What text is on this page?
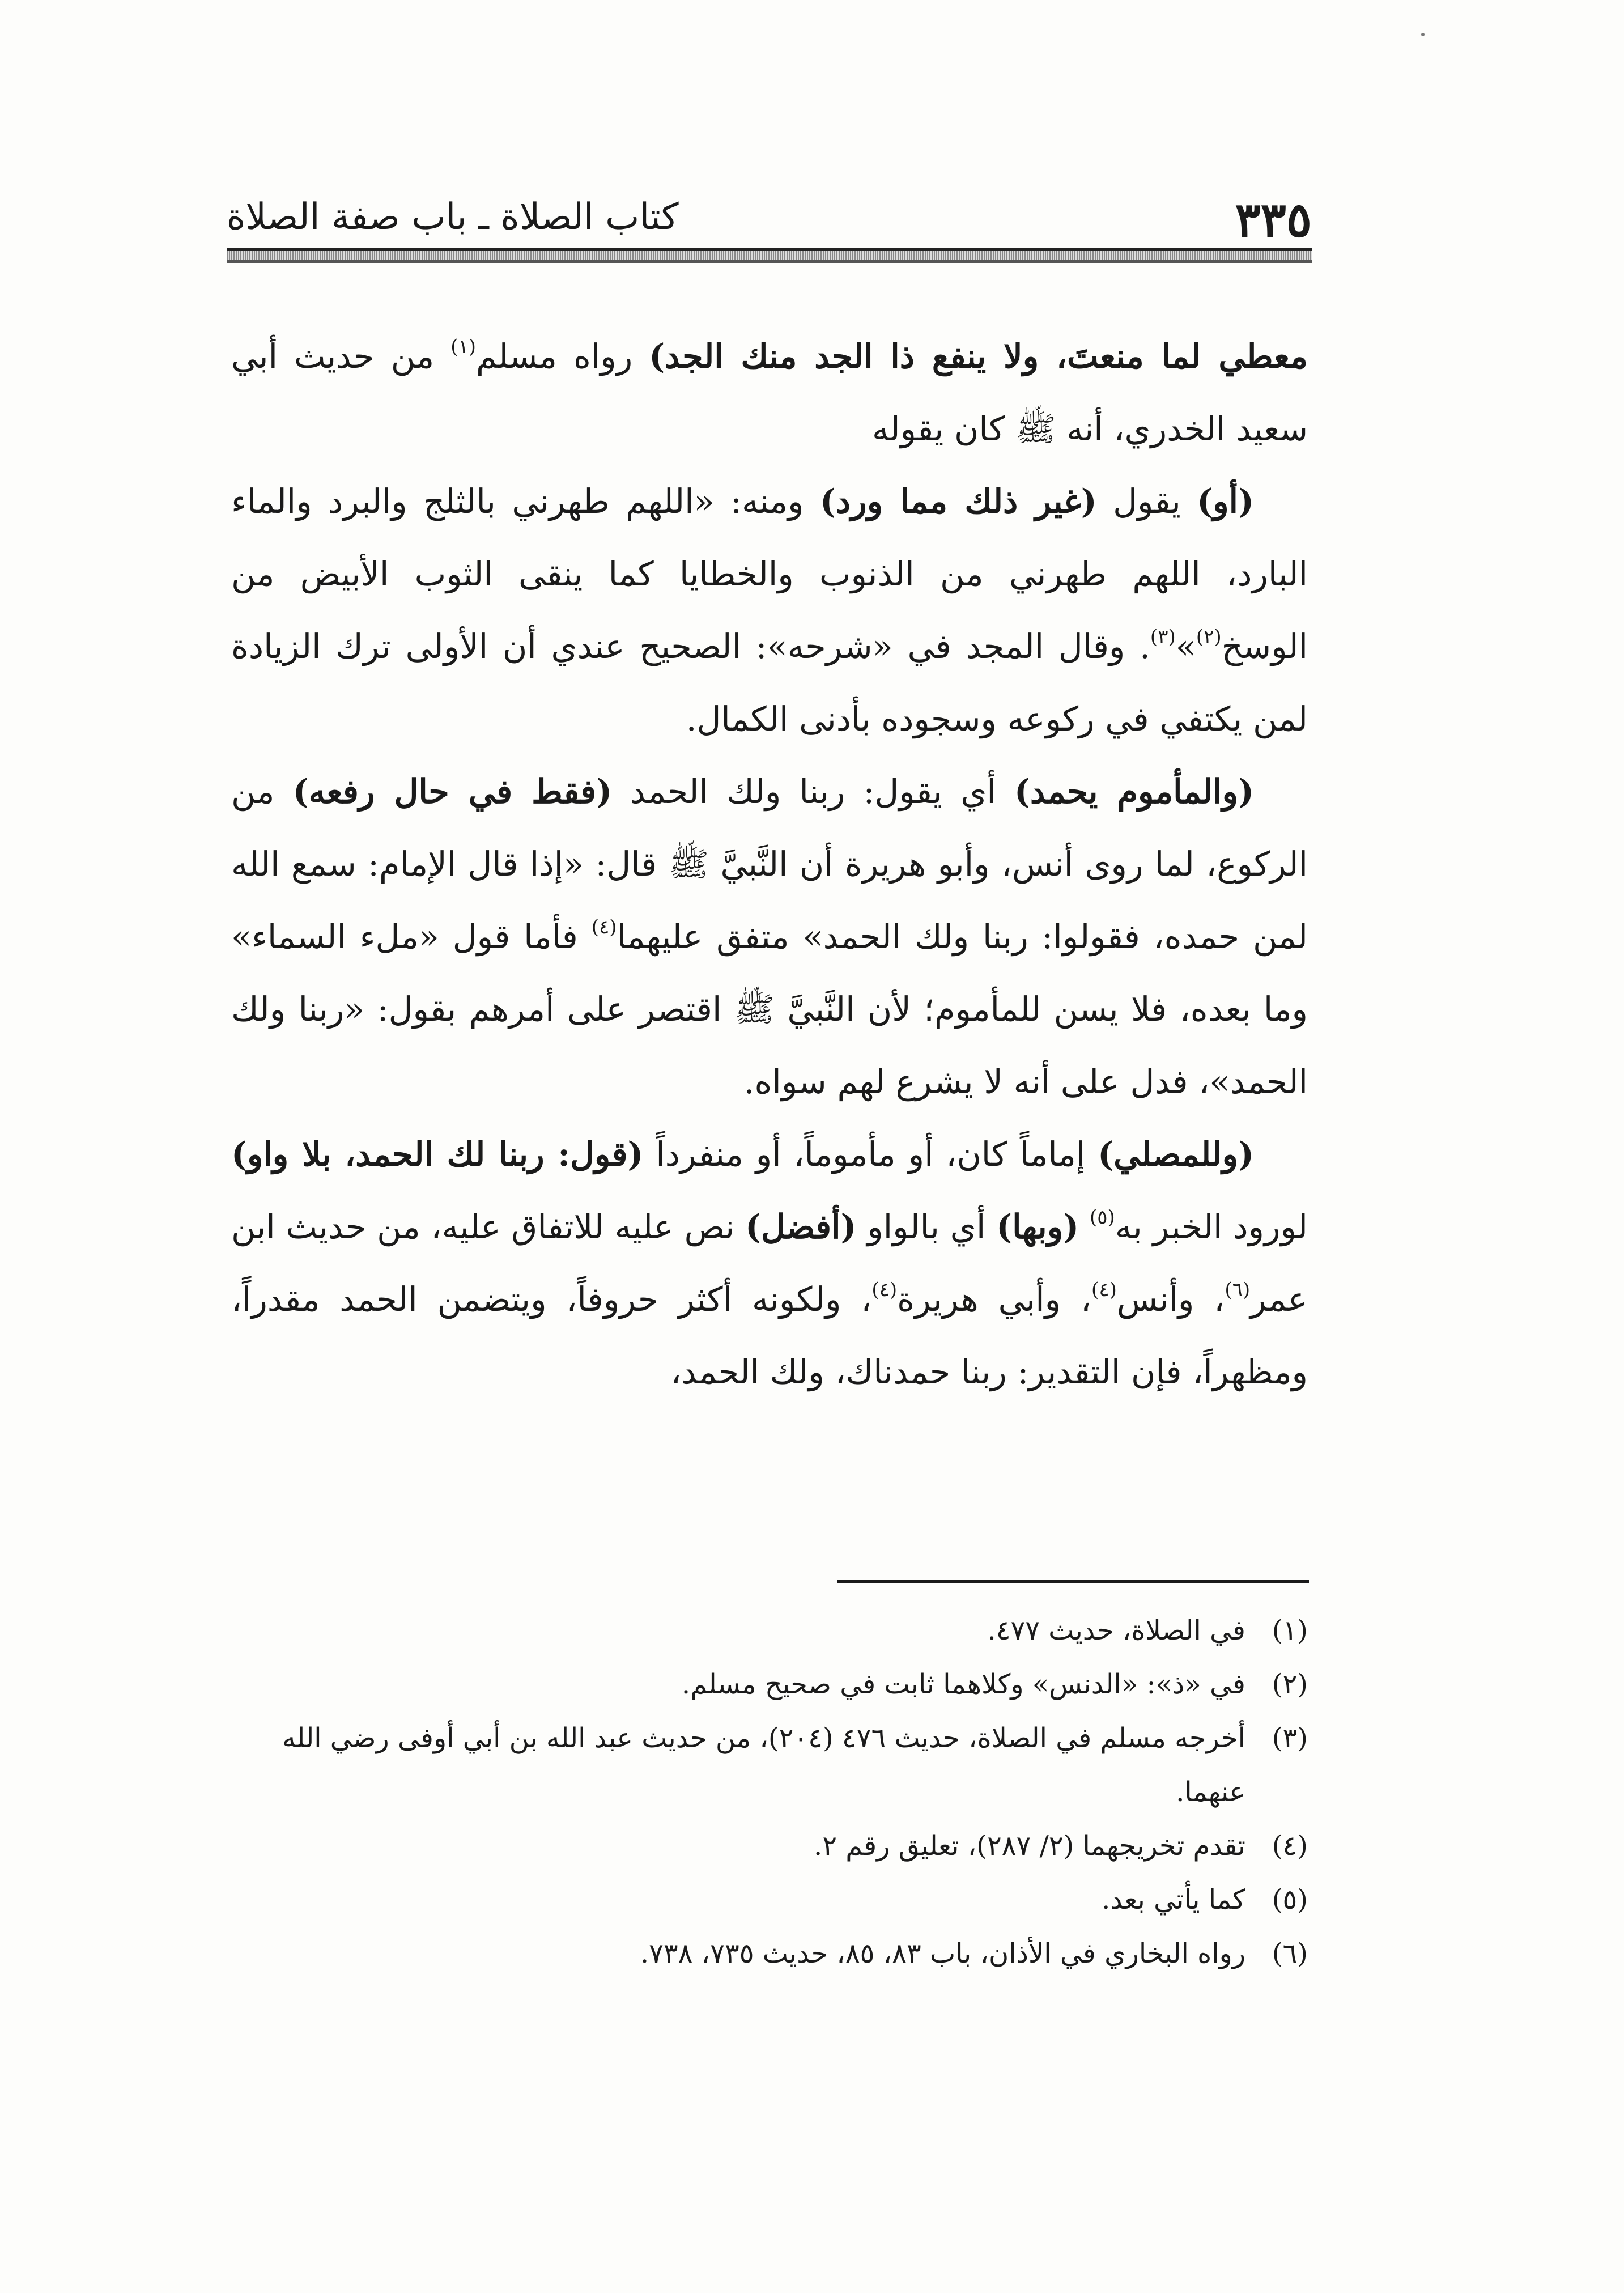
٣٣٥
كتاب الصلاة ـ باب صفة الصلاة

معطي لما منعتَ، ولا ينفع ذا الجد منك الجد) رواه مسلم$^{(١)}$ من حديث أبي سعيد الخدري، أنه ﷺ كان يقوله

(أو) يقول (غير ذلك مما ورد) ومنه: «اللهم طهرني بالثلج والبرد والماء البارد، اللهم طهرني من الذنوب والخطايا كما ينقى الثوب الأبيض من الوسخ$^{(٢)}$»$^{(٣)}$. وقال المجد في «شرحه»: الصحيح عندي أن الأولى ترك الزيادة لمن يكتفي في ركوعه وسجوده بأدنى الكمال.

(والمأموم يحمد) أي يقول: ربنا ولك الحمد (فقط في حال رفعه) من الركوع، لما روى أنس، وأبو هريرة أن النَّبيَّ ﷺ قال: «إذا قال الإمام: سمع الله لمن حمده، فقولوا: ربنا ولك الحمد» متفق عليهما$^{(٤)}$ فأما قول «ملء السماء» وما بعده، فلا يسن للمأموم؛ لأن النَّبيَّ ﷺ اقتصر على أمرهم بقول: «ربنا ولك الحمد»، فدل على أنه لا يشرع لهم سواه.

(وللمصلي) إماماً كان، أو مأموماً، أو منفرداً (قول: ربنا لك الحمد، بلا واو) لورود الخبر به$^{(٥)}$ (وبها) أي بالواو (أفضل) نص عليه للاتفاق عليه، من حديث ابن عمر$^{(٦)}$، وأنس$^{(٤)}$، وأبي هريرة$^{(٤)}$، ولكونه أكثر حروفاً، ويتضمن الحمد مقدراً، ومظهراً، فإن التقدير: ربنا حمدناك، ولك الحمد،

(١)
في الصلاة، حديث ٤٧٧.
(٢)
في «ذ»: «الدنس» وكلاهما ثابت في صحيح مسلم.
(٣)
أخرجه مسلم في الصلاة، حديث ٤٧٦ (٢٠٤)، من حديث عبد الله بن أبي أوفى رضي الله عنهما.
(٤)
تقدم تخريجهما (٢/ ٢٨٧)، تعليق رقم ٢.
(٥)
كما يأتي بعد.
(٦)
رواه البخاري في الأذان، باب ٨٣، ٨٥، حديث ٧٣٥، ٧٣٨.
